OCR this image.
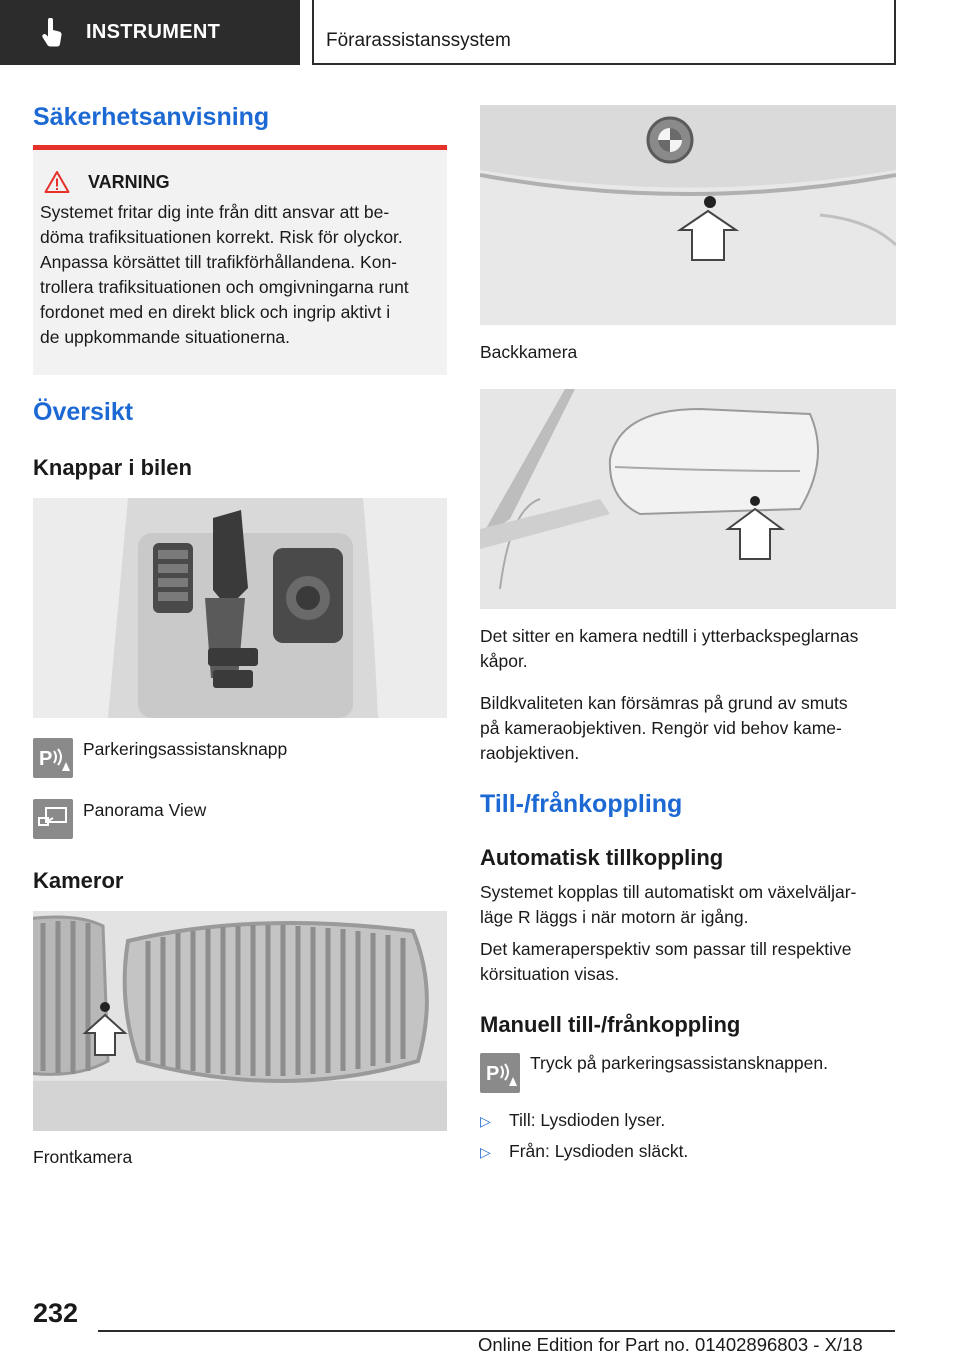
INSTRUMENT	Förarassistanssystem
Säkerhetsanvisning
VARNING
Systemet fritar dig inte från ditt ansvar att be-
döma trafiksituationen korrekt. Risk för olyckor.
Anpassa körsättet till trafikförhållandena. Kon-
trollera trafiksituationen och omgivningarna runt
fordonet med en direkt blick och ingrip aktivt i
de uppkommande situationerna.
Översikt
Knappar i bilen
P Parkeringsassistansknapp
Panorama View
Kameror
Frontkamera
Backkamera
Det sitter en kamera nedtill i ytterbackspeglarnas
kåpor.
Bildkvaliteten kan försämras på grund av smuts
på kameraobjektiven. Rengör vid behov kame-
raobjektiven.
Till-/frånkoppling
Automatisk tillkoppling
Systemet kopplas till automatiskt om växelväljar-
läge R läggs i när motorn är igång.
Det kameraperspektiv som passar till respektive
körsituation visas.
Manuell till-/frånkoppling
P Tryck på parkeringsassistansknappen.
▷	Till: Lysdioden lyser.
▷	Från: Lysdioden släckt.
232
Online Edition for Part no. 01402896803 - X/18
